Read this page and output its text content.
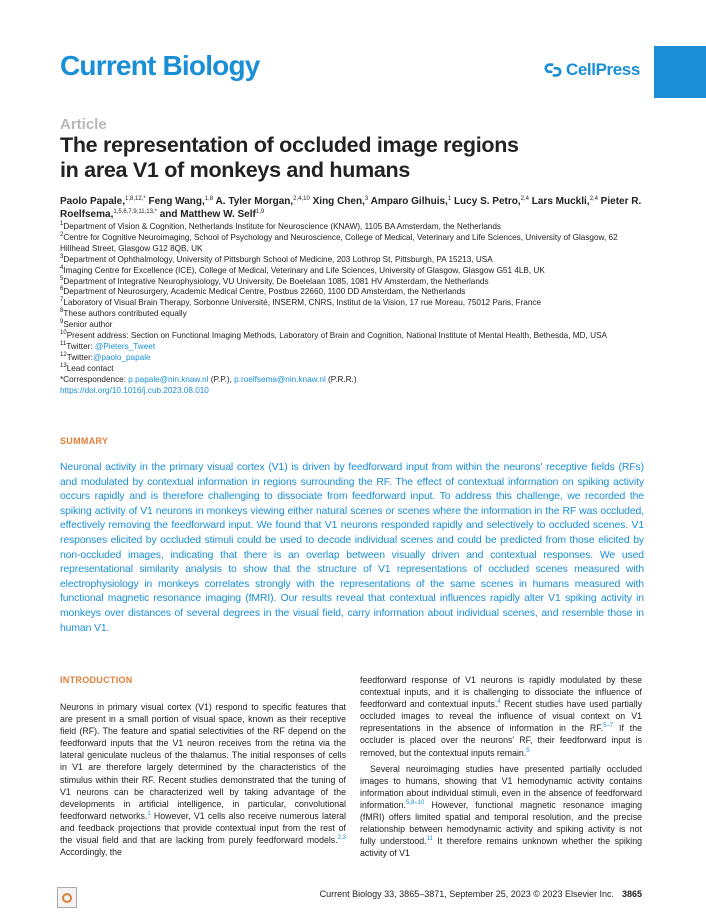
Current Biology	CellPress
Article
The representation of occluded image regions
in area V1 of monkeys and humans
Paolo Papale,$^{1,8,12,*}$ Feng Wang,$^{1,8}$ A. Tyler Morgan,$^{2,4,10}$ Xing Chen,$^3$ Amparo Gilhuis,$^1$ Lucy S. Petro,$^{2,4}$ Lars Muckli,$^{2,4}$ Pieter R. Roelfsema,$^{1,5,6,7,9,11,13,*}$ and Matthew W. Self$^{1,9}$

$^1$Department of Vision & Cognition, Netherlands Institute for Neuroscience (KNAW), 1105 BA Amsterdam, the Netherlands

$^2$Centre for Cognitive Neuroimaging, School of Psychology and Neuroscience, College of Medical, Veterinary and Life Sciences, University of Glasgow, 62 Hillhead Street, Glasgow G12 8QB, UK

$^3$Department of Ophthalmology, University of Pittsburgh School of Medicine, 203 Lothrop St, Pittsburgh, PA 15213, USA

$^4$Imaging Centre for Excellence (ICE), College of Medical, Veterinary and Life Sciences, University of Glasgow, Glasgow G51 4LB, UK

$^5$Department of Integrative Neurophysiology, VU University, De Boelelaan 1085, 1081 HV Amsterdam, the Netherlands

$^6$Department of Neurosurgery, Academic Medical Centre, Postbus 22660, 1100 DD Amsterdam, the Netherlands

$^7$Laboratory of Visual Brain Therapy, Sorbonne Université, INSERM, CNRS, Institut de la Vision, 17 rue Moreau, 75012 Paris, France

$^8$These authors contributed equally

$^9$Senior author

$^{10}$Present address: Section on Functional Imaging Methods, Laboratory of Brain and Cognition, National Institute of Mental Health, Bethesda, MD, USA

$^{11}$Twitter: @Pieters_Tweet

$^{12}$Twitter:@paolo_papale

$^{13}$Lead contact

*Correspondence: p.papale@nin.knaw.nl (P.P.), p.roelfsema@nin.knaw.nl (P.R.R.)

https://doi.org/10.1016/j.cub.2023.08.010

SUMMARY
Neuronal activity in the primary visual cortex (V1) is driven by feedforward input from within the neurons' receptive fields (RFs) and modulated by contextual information in regions surrounding the RF. The effect of contextual information on spiking activity occurs rapidly and is therefore challenging to dissociate from feedforward input. To address this challenge, we recorded the spiking activity of V1 neurons in monkeys viewing either natural scenes or scenes where the information in the RF was occluded, effectively removing the feedforward input. We found that V1 neurons responded rapidly and selectively to occluded scenes. V1 responses elicited by occluded stimuli could be used to decode individual scenes and could be predicted from those elicited by non-occluded images, indicating that there is an overlap between visually driven and contextual responses. We used representational similarity analysis to show that the structure of V1 representations of occluded scenes measured with electrophysiology in monkeys correlates strongly with the representations of the same scenes in humans measured with functional magnetic resonance imaging (fMRI). Our results reveal that contextual influences rapidly alter V1 spiking activity in monkeys over distances of several degrees in the visual field, carry information about individual scenes, and resemble those in human V1.
INTRODUCTION

Neurons in primary visual cortex (V1) respond to specific features that are present in a small portion of visual space, known as their receptive field (RF). The feature and spatial selectivities of the RF depend on the feedforward inputs that the V1 neuron receives from the retina via the lateral geniculate nucleus of the thalamus. The initial responses of cells in V1 are therefore largely determined by the characteristics of the stimulus within their RF. Recent studies demonstrated that the tuning of V1 neurons can be characterized well by taking advantage of the developments in artificial intelligence, in particular, convolutional feedforward networks.$^1$ However, V1 cells also receive numerous lateral and feedback projections that provide contextual input from the rest of the visual field and that are lacking from purely feedforward models.$^{2,3}$ Accordingly, the

feedforward response of V1 neurons is rapidly modulated by these contextual inputs, and it is challenging to dissociate the influence of feedforward and contextual inputs.$^4$ Recent studies have used partially occluded images to reveal the influence of visual context on V1 representations in the absence of information in the RF.$^{5-7}$ If the occluder is placed over the neurons' RF, their feedforward input is removed, but the contextual inputs remain.$^5$

Several neuroimaging studies have presented partially occluded images to humans, showing that V1 hemodynamic activity contains information about individual stimuli, even in the absence of feedforward information.$^{5,8-10}$ However, functional magnetic resonance imaging (fMRI) offers limited spatial and temporal resolution, and the precise relationship between hemodynamic activity and spiking activity is not fully understood.$^{11}$ It therefore remains unknown whether the spiking activity of V1

Current Biology 33, 3865–3871, September 25, 2023 © 2023 Elsevier Inc. 3865
